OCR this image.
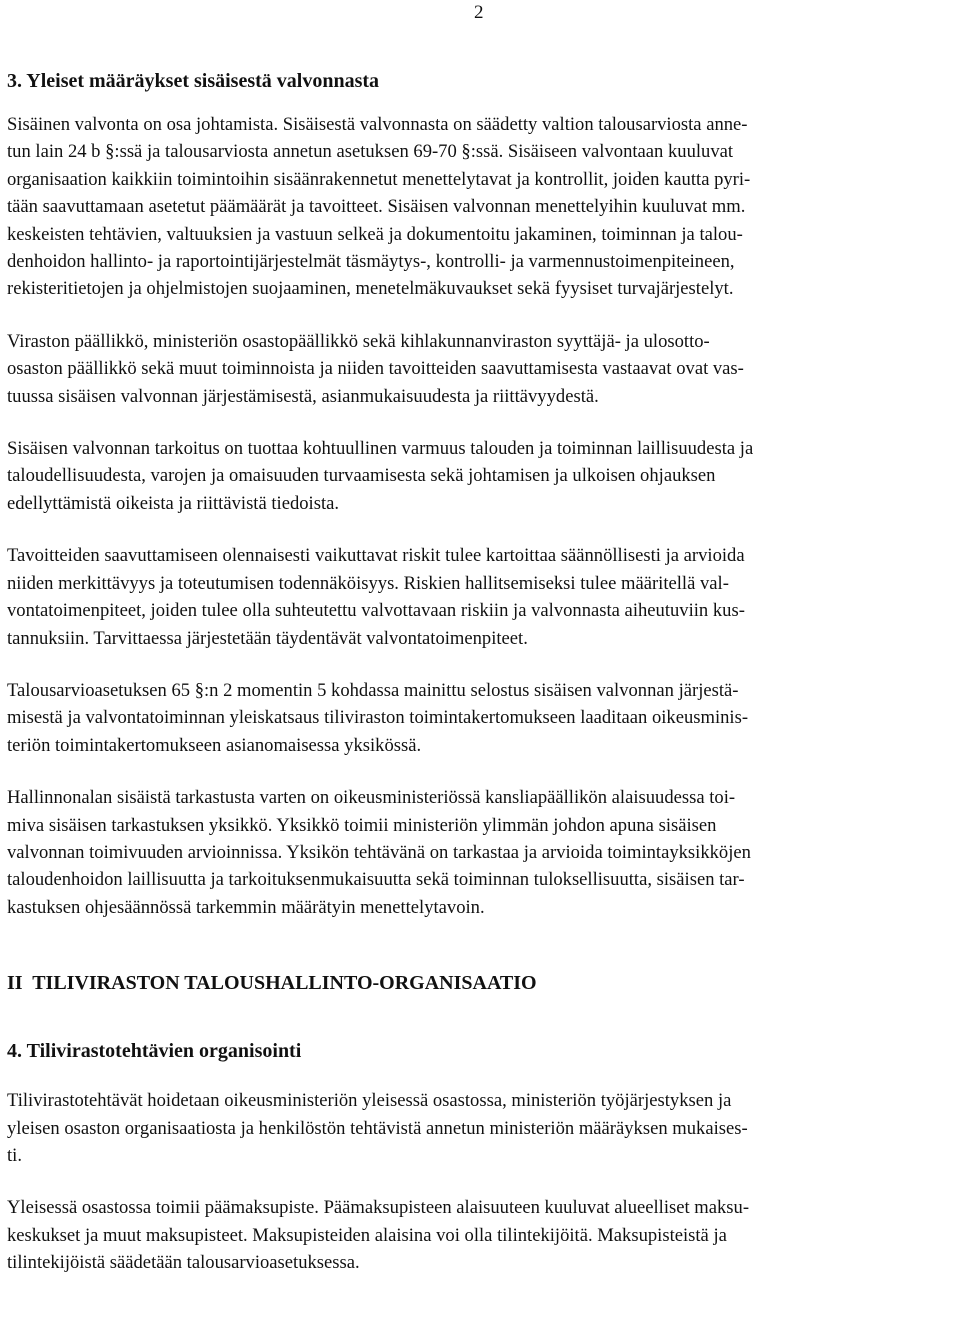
2
3. Yleiset määräykset sisäisestä valvonnasta

Sisäinen valvonta on osa johtamista. Sisäisestä valvonnasta on säädetty valtion talousarviosta anne-
tun lain 24 b §:ssä ja talousarviosta annetun asetuksen 69-70 §:ssä. Sisäiseen valvontaan kuuluvat
organisaation kaikkiin toimintoihin sisäänrakennetut menettelytavat ja kontrollit, joiden kautta pyri-
tään saavuttamaan asetetut päämäärät ja tavoitteet. Sisäisen valvonnan menettelyihin kuuluvat mm.
keskeisten tehtävien, valtuuksien ja vastuun selkeä ja dokumentoitu jakaminen, toiminnan ja talou-
denhoidon hallinto- ja raportointijärjestelmät täsmäytys-, kontrolli- ja varmennustoimenpiteineen,
rekisteritietojen ja ohjelmistojen suojaaminen, menetelmäkuvaukset sekä fyysiset turvajärjestelyt.

Viraston päällikkö, ministeriön osastopäällikkö sekä kihlakunnanviraston syyttäjä- ja ulosotto-
osaston päällikkö sekä muut toiminnoista ja niiden tavoitteiden saavuttamisesta vastaavat ovat vas-
tuussa sisäisen valvonnan järjestämisestä, asianmukaisuudesta ja riittävyydestä.

Sisäisen valvonnan tarkoitus on tuottaa kohtuullinen varmuus talouden ja toiminnan laillisuudesta ja
taloudellisuudesta, varojen ja omaisuuden turvaamisesta sekä johtamisen ja ulkoisen ohjauksen
edellyttämistä oikeista ja riittävistä tiedoista.

Tavoitteiden saavuttamiseen olennaisesti vaikuttavat riskit tulee kartoittaa säännöllisesti ja arvioida
niiden merkittävyys ja toteutumisen todennäköisyys. Riskien hallitsemiseksi tulee määritellä val-
vontatoimenpiteet, joiden tulee olla suhteutettu valvottavaan riskiin ja valvonnasta aiheutuviin kus-
tannuksiin. Tarvittaessa järjestetään täydentävät valvontatoimenpiteet.

Talousarvioasetuksen 65 §:n 2 momentin 5 kohdassa mainittu selostus sisäisen valvonnan järjestä-
misestä ja valvontatoiminnan yleiskatsaus tiliviraston toimintakertomukseen laaditaan oikeusminis-
teriön toimintakertomukseen asianomaisessa yksikössä.

Hallinnonalan sisäistä tarkastusta varten on oikeusministeriössä kansliapäällikön alaisuudessa toi-
miva sisäisen tarkastuksen yksikkö. Yksikkö toimii ministeriön ylimmän johdon apuna sisäisen
valvonnan toimivuuden arvioinnissa. Yksikön tehtävänä on tarkastaa ja arvioida toimintayksikköjen
taloudenhoidon laillisuutta ja tarkoituksenmukaisuutta sekä toiminnan tuloksellisuutta, sisäisen tar-
kastuksen ohjesäännössä tarkemmin määrätyin menettelytavoin.

II  TILIVIRASTON TALOUSHALLINTO-ORGANISAATIO
4. Tilivirastotehtävien organisointi

Tilivirastotehtävät hoidetaan oikeusministeriön yleisessä osastossa, ministeriön työjärjestyksen ja
yleisen osaston organisaatiosta ja henkilöstön tehtävistä annetun ministeriön määräyksen mukaises-
ti.

Yleisessä osastossa toimii päämaksupiste. Päämaksupisteen alaisuuteen kuuluvat alueelliset maksu-
keskukset ja muut maksupisteet. Maksupisteiden alaisina voi olla tilintekijöitä. Maksupisteistä ja
tilintekijöistä säädetään talousarvioasetuksessa.
